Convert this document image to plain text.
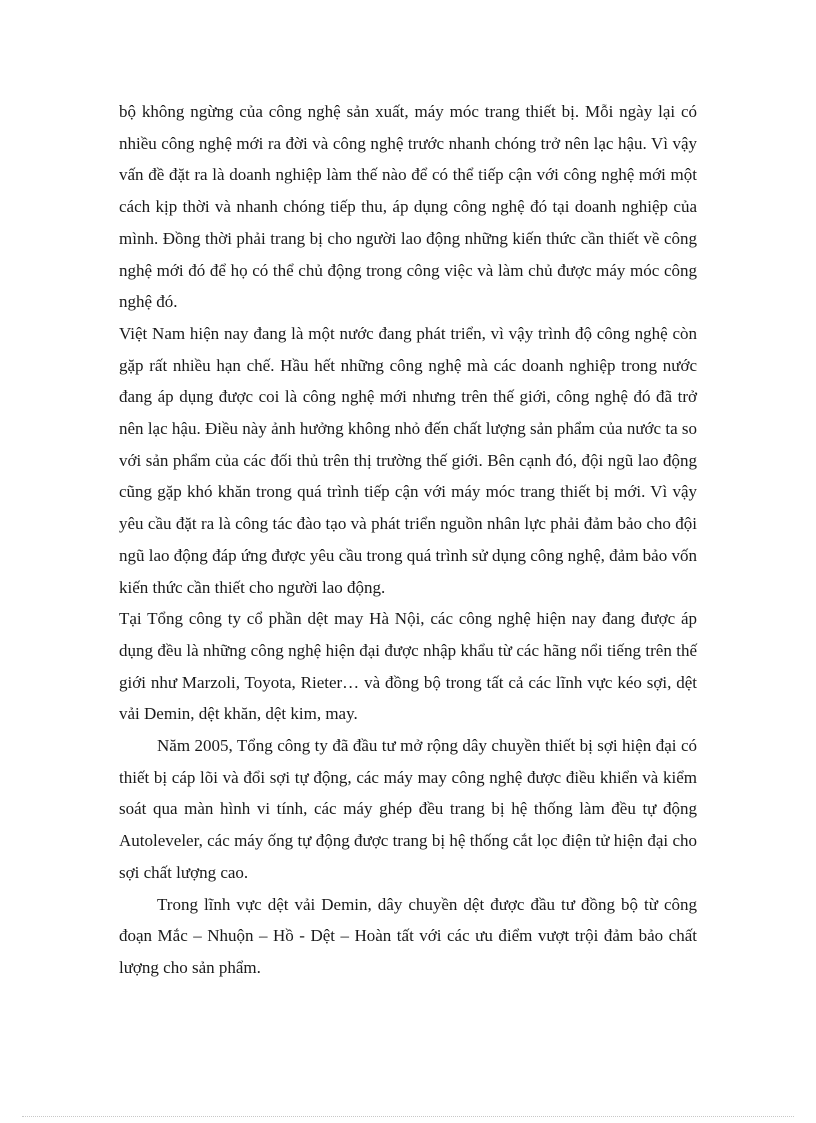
bộ không ngừng của công nghệ sản xuất, máy móc trang thiết bị. Mỗi ngày lại có nhiều công nghệ mới ra đời và công nghệ trước nhanh chóng trở nên lạc hậu. Vì vậy vấn đề đặt ra là doanh nghiệp làm thế nào để có thể tiếp cận với công nghệ mới một cách kịp thời và nhanh chóng tiếp thu, áp dụng công nghệ đó tại doanh nghiệp của mình. Đồng thời phải trang bị cho người lao động những kiến thức cần thiết về công nghệ mới đó để họ có thể chủ động trong công việc và làm chủ được máy móc công nghệ đó.

Việt Nam hiện nay đang là một nước đang phát triển, vì vậy trình độ công nghệ còn gặp rất nhiều hạn chế. Hầu hết những công nghệ mà các doanh nghiệp trong nước đang áp dụng được coi là công nghệ mới nhưng trên thế giới, công nghệ đó đã trở nên lạc hậu. Điều này ảnh hưởng không nhỏ đến chất lượng sản phẩm của nước ta so với sản phẩm của các đối thủ trên thị trường thế giới. Bên cạnh đó, đội ngũ lao động cũng gặp khó khăn trong quá trình tiếp cận với máy móc trang thiết bị mới. Vì vậy yêu cầu đặt ra là công tác đào tạo và phát triển nguồn nhân lực phải đảm bảo cho đội ngũ lao động đáp ứng được yêu cầu trong quá trình sử dụng công nghệ, đảm bảo vốn kiến thức cần thiết cho người lao động.

Tại Tổng công ty cổ phần dệt may Hà Nội, các công nghệ hiện nay đang được áp dụng đều là những công nghệ hiện đại được nhập khẩu từ các hãng nổi tiếng trên thế giới như Marzoli, Toyota, Rieter… và đồng bộ trong tất cả các lĩnh vực kéo sợi, dệt vải Demin, dệt khăn, dệt kim, may.

Năm 2005, Tổng công ty đã đầu tư mở rộng dây chuyền thiết bị sợi hiện đại có thiết bị cáp lõi và đổi sợi tự động, các máy may công nghệ được điều khiển và kiểm soát qua màn hình vi tính, các máy ghép đều trang bị hệ thống làm đều tự động Autoleveler, các máy ống tự động được trang bị hệ thống cắt lọc điện tử hiện đại cho sợi chất lượng cao.

Trong lĩnh vực dệt vải Demin, dây chuyền dệt được đầu tư đồng bộ từ công đoạn Mắc – Nhuộn – Hồ - Dệt – Hoàn tất với các ưu điểm vượt trội đảm bảo chất lượng cho sản phẩm.
